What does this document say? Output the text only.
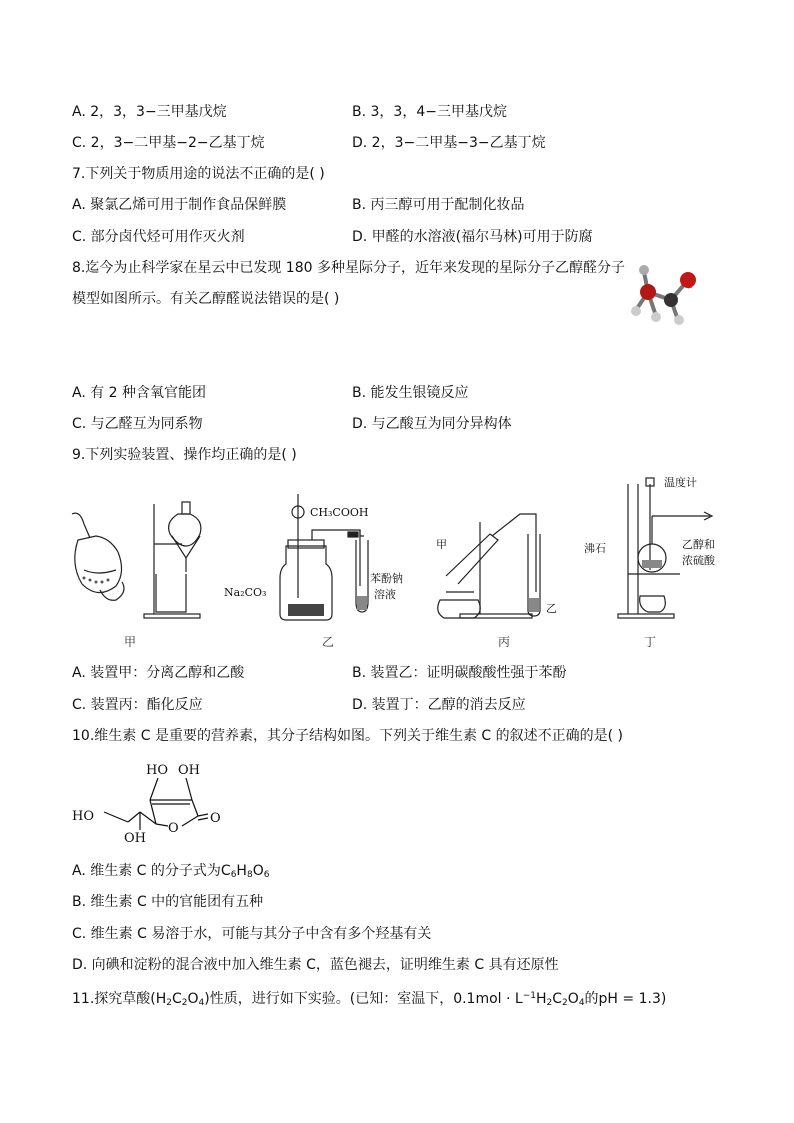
A. 2，3，3−三甲基戊烷	B. 3，3，4−三甲基戊烷
C. 2，3−二甲基−2−乙基丁烷	D. 2，3−二甲基−3−乙基丁烷
7.下列关于物质用途的说法不正确的是( )
A. 聚氯乙烯可用于制作食品保鲜膜	B. 丙三醇可用于配制化妆品
C. 部分卤代烃可用作灭火剂	D. 甲醛的水溶液(福尔马林)可用于防腐
8.迄今为止科学家在星云中已发现 180 多种星际分子，近年来发现的星际分子乙醇醛分子
模型如图所示。有关乙醇醛说法错误的是( )
A. 有 2 种含氧官能团	B. 能发生银镜反应
C. 与乙醛互为同系物	D. 与乙酸互为同分异构体
9.下列实验装置、操作均正确的是( )
CH₃COOH
Na₂CO₃
苯酚钠
溶液
甲
乙
温度计
沸石	乙醇和
浓硫酸
甲	乙	丙	丁
A. 装置甲：分离乙醇和乙酸	B. 装置乙：证明碳酸酸性强于苯酚
C. 装置丙：酯化反应	D. 装置丁：乙醇的消去反应
10.维生素 C 是重要的营养素，其分子结构如图。下列关于维生素 C 的叙述不正确的是( )
HO OH
HO
OH
O
O
A. 维生素 C 的分子式为$C_6H_8O_6$
B. 维生素 C 中的官能团有五种
C. 维生素 C 易溶于水，可能与其分子中含有多个羟基有关
D. 向碘和淀粉的混合液中加入维生素 C，蓝色褪去，证明维生素 C 具有还原性
11.探究草酸$(H_2C_2O_4)$性质，进行如下实验。(已知：室温下，$0.1mol \cdot L^{-1}H_2C_2O_4$的pH = 1.3)
